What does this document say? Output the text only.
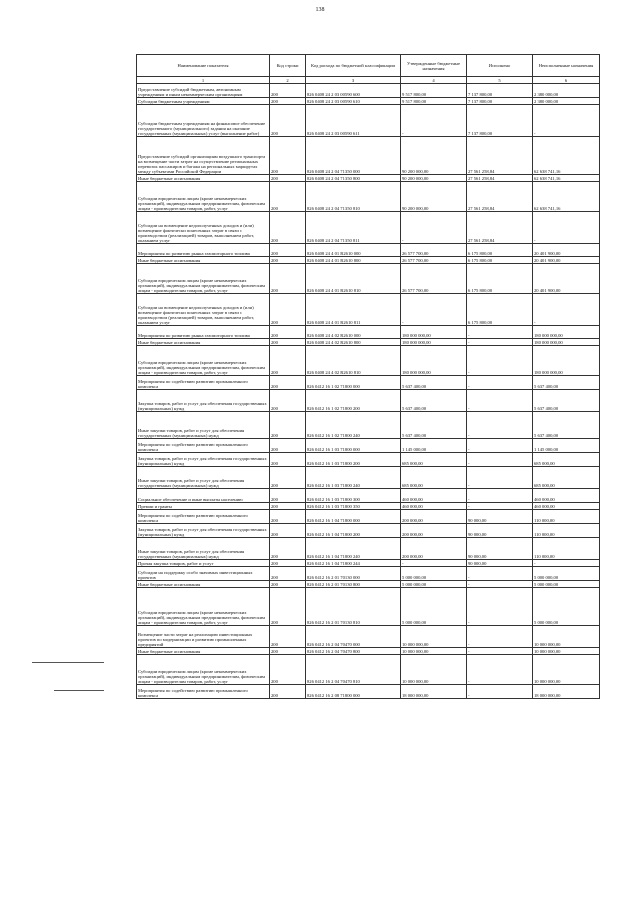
138
Наименование показателя	Код строки	Код расхода по бюджетной классификации	Утвержденные бюджетные назначения	Исполнено	Неисполненные назначения
1	2	3	4	5	6
Предоставление субсидий бюджетным, автономным учреждениям и иным некоммерческим организациям	200	826 0408 24 2 03 00590 600	9 517 800,00	7 137 800,00	2 380 000,00
Субсидии бюджетным учреждениям	200	826 0408 24 2 03 00590 610	9 517 800,00	7 137 800,00	2 380 000,00
Субсидии бюджетным учреждениям на финансовое обеспечение государственного (муниципального) задания на оказание государственных (муниципальных) услуг (выполнение работ)	200	826 0408 24 2 03 00590 611	-	7 137 800,00	-
Предоставление субсидий организациям воздушного транспорта на возмещение части затрат на осуществление региональных перевозок пассажиров и багажа на региональных маршрутах между субъектами Российской Федерации	200	826 0408 24 2 04 71350 000	90 200 000,00	27 561 258,84	62 638 741,16
Иные бюджетные ассигнования	200	826 0408 24 2 04 71350 800	90 200 000,00	27 561 258,84	62 638 741,16
Субсидии юридическим лицам (кроме некоммерческих организаций), индивидуальным предпринимателям, физическим лицам - производителям товаров, работ, услуг	200	826 0408 24 2 04 71350 810	90 200 000,00	27 561 258,84	62 638 741,16
Субсидии на возмещение недополученных доходов и (или) возмещение фактически понесенных затрат в связи с производством (реализацией) товаров, выполнением работ, оказанием услуг	200	826 0408 24 2 04 71350 811	-	27 561 258,84	-
Мероприятия по развитию рынка газомоторного топлива	200	826 0408 24 4 01 R2610 000	26 577 700,00	6 175 800,00	20 401 900,00
Иные бюджетные ассигнования	200	826 0408 24 4 01 R2610 800	26 577 700,00	6 175 800,00	20 401 900,00
Субсидии юридическим лицам (кроме некоммерческих организаций), индивидуальным предпринимателям, физическим лицам - производителям товаров, работ, услуг	200	826 0408 24 4 01 R2610 810	26 577 700,00	6 175 800,00	20 401 900,00
Субсидии на возмещение недополученных доходов и (или) возмещение фактически понесенных затрат в связи с производством (реализацией) товаров, выполнением работ, оказанием услуг	200	826 0408 24 4 01 R2610 811	-	6 175 800,00	-
Мероприятия по развитию рынка газомоторного топлива	200	826 0408 24 4 02 R2610 000	180 000 000,00	-	180 000 000,00
Иные бюджетные ассигнования	200	826 0408 24 4 02 R2610 800	180 000 000,00	-	180 000 000,00
Субсидии юридическим лицам (кроме некоммерческих организаций), индивидуальным предпринимателям, физическим лицам - производителям товаров, работ, услуг	200	826 0408 24 4 02 R2610 810	180 000 000,00	-	180 000 000,00
Мероприятия по содействию развитию промышленного комплекса	200	826 0412 16 1 02 71800 000	5 637 400,00	-	5 637 400,00
Закупка товаров, работ и услуг для обеспечения государственных (муниципальных) нужд	200	826 0412 16 1 02 71800 200	5 637 400,00	-	5 637 400,00
Иные закупки товаров, работ и услуг для обеспечения государственных (муниципальных) нужд	200	826 0412 16 1 02 71800 240	5 637 400,00	-	5 637 400,00
Мероприятия по содействию развитию промышленного комплекса	200	826 0412 16 1 03 71800 000	1 145 000,00	-	1 145 000,00
Закупка товаров, работ и услуг для обеспечения государственных (муниципальных) нужд	200	826 0412 16 1 03 71800 200	685 000,00	-	685 000,00
Иные закупки товаров, работ и услуг для обеспечения государственных (муниципальных) нужд	200	826 0412 16 1 03 71800 240	685 000,00	-	685 000,00
Социальное обеспечение и иные выплаты населению	200	826 0412 16 1 03 71800 300	460 000,00	-	460 000,00
Премии и гранты	200	826 0412 16 1 03 71800 350	460 000,00	-	460 000,00
Мероприятия по содействию развитию промышленного комплекса	200	826 0412 16 1 04 71800 000	200 000,00	90 000,00	110 000,00
Закупка товаров, работ и услуг для обеспечения государственных (муниципальных) нужд	200	826 0412 16 1 04 71800 200	200 000,00	90 000,00	110 000,00
Иные закупки товаров, работ и услуг для обеспечения государственных (муниципальных) нужд	200	826 0412 16 1 04 71800 240	200 000,00	90 000,00	110 000,00
Прочая закупка товаров, работ и услуг	200	826 0412 16 1 04 71800 244	-	90 000,00	-
Субсидии на поддержку особо значимых инвестиционных проектов	200	826 0412 16 2 01 70130 000	5 000 000,00	-	5 000 000,00
Иные бюджетные ассигнования	200	826 0412 16 2 01 70130 800	5 000 000,00	-	5 000 000,00
Субсидии юридическим лицам (кроме некоммерческих организаций), индивидуальным предпринимателям, физическим лицам - производителям товаров, работ, услуг	200	826 0412 16 2 01 70130 810	5 000 000,00	-	5 000 000,00
Возмещение части затрат на реализацию инвестиционных проектов по модернизации и развитию промышленных предприятий	200	826 0412 16 2 04 70470 000	10 000 000,00	-	10 000 000,00
Иные бюджетные ассигнования	200	826 0412 16 2 04 70470 800	10 000 000,00	-	10 000 000,00
Субсидии юридическим лицам (кроме некоммерческих организаций), индивидуальным предпринимателям, физическим лицам - производителям товаров, работ, услуг	200	826 0412 16 2 04 70470 810	10 000 000,00	-	10 000 000,00
Мероприятия по содействию развитию промышленного комплекса	200	826 0412 16 2 08 71800 000	18 000 000,00	-	18 000 000,00
